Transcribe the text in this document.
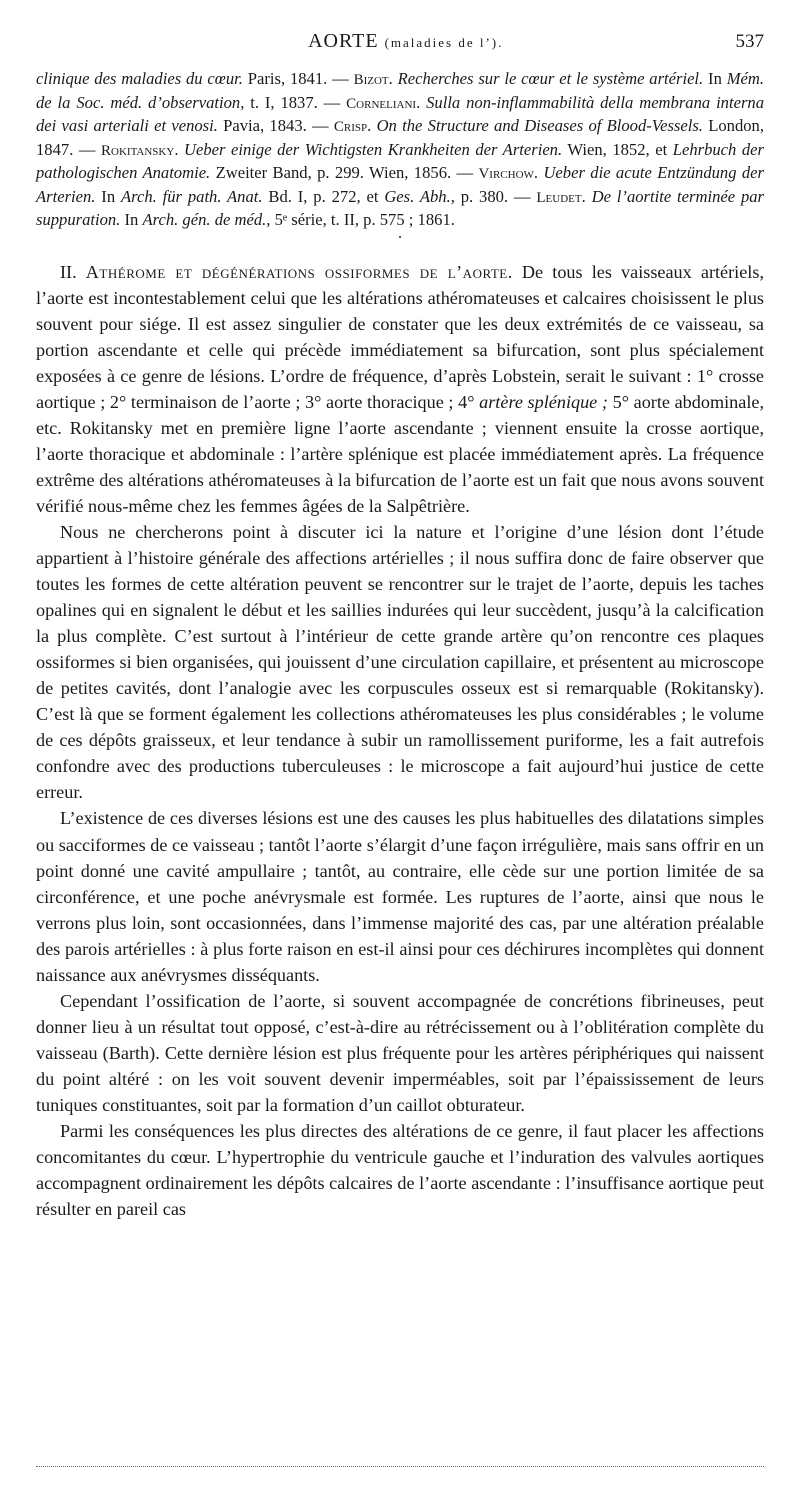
AORTE (maladies de l’).	537

clinique des maladies du cœur. Paris, 1841. — Bizot. Recherches sur le cœur et le système artériel. In Mém. de la Soc. méd. d’observation, t. I, 1837. — Corneliani. Sulla non-inflammabilità della membrana interna dei vasi arteriali et venosi. Pavia, 1843. — Crisp. On the Structure and Diseases of Blood-Vessels. London, 1847. — Rokitansky. Ueber einige der Wichtigsten Krankheiten der Arterien. Wien, 1852, et Lehrbuch der pathologischen Anatomie. Zweiter Band, p. 299. Wien, 1856. — Virchow. Ueber die acute Entzündung der Arterien. In Arch. für path. Anat. Bd. I, p. 272, et Ges. Abh., p. 380. — Leudet. De l’aortite terminée par suppuration. In Arch. gén. de méd., 5ᵉ série, t. II, p. 575 ; 1861.

•

II. Athérome et dégénérations ossiformes de l’aorte. De tous les vaisseaux artériels, l’aorte est incontestablement celui que les altérations athéromateuses et calcaires choisissent le plus souvent pour siége. Il est assez singulier de constater que les deux extrémités de ce vaisseau, sa portion ascendante et celle qui précède immédiatement sa bifurcation, sont plus spécialement exposées à ce genre de lésions. L’ordre de fréquence, d’après Lobstein, serait le suivant : 1° crosse aortique ; 2° terminaison de l’aorte ; 3° aorte thoracique ; 4° artère splénique ; 5° aorte abdominale, etc. Rokitansky met en première ligne l’aorte ascendante ; viennent ensuite la crosse aortique, l’aorte thoracique et abdominale : l’artère splénique est placée immédiatement après. La fréquence extrême des altérations athéromateuses à la bifurcation de l’aorte est un fait que nous avons souvent vérifié nous-même chez les femmes âgées de la Salpêtrière.

Nous ne chercherons point à discuter ici la nature et l’origine d’une lésion dont l’étude appartient à l’histoire générale des affections artérielles ; il nous suffira donc de faire observer que toutes les formes de cette altération peuvent se rencontrer sur le trajet de l’aorte, depuis les taches opalines qui en signalent le début et les saillies indurées qui leur succèdent, jusqu’à la calcification la plus complète. C’est surtout à l’intérieur de cette grande artère qu’on rencontre ces plaques ossiformes si bien organisées, qui jouissent d’une circulation capillaire, et présentent au microscope de petites cavités, dont l’analogie avec les corpuscules osseux est si remarquable (Rokitansky). C’est là que se forment également les collections athéromateuses les plus considérables ; le volume de ces dépôts graisseux, et leur tendance à subir un ramollissement puriforme, les a fait autrefois confondre avec des productions tuberculeuses : le microscope a fait aujourd’hui justice de cette erreur.

L’existence de ces diverses lésions est une des causes les plus habituelles des dilatations simples ou sacciformes de ce vaisseau ; tantôt l’aorte s’élargit d’une façon irrégulière, mais sans offrir en un point donné une cavité ampullaire ; tantôt, au contraire, elle cède sur une portion limitée de sa circonférence, et une poche anévrysmale est formée. Les ruptures de l’aorte, ainsi que nous le verrons plus loin, sont occasionnées, dans l’immense majorité des cas, par une altération préalable des parois artérielles : à plus forte raison en est-il ainsi pour ces déchirures incomplètes qui donnent naissance aux anévrysmes disséquants.

Cependant l’ossification de l’aorte, si souvent accompagnée de concrétions fibrineuses, peut donner lieu à un résultat tout opposé, c’est-à-dire au rétrécissement ou à l’oblitération complète du vaisseau (Barth). Cette dernière lésion est plus fréquente pour les artères périphériques qui naissent du point altéré : on les voit souvent devenir imperméables, soit par l’épaississement de leurs tuniques constituantes, soit par la formation d’un caillot obturateur.

Parmi les conséquences les plus directes des altérations de ce genre, il faut placer les affections concomitantes du cœur. L’hypertrophie du ventricule gauche et l’induration des valvules aortiques accompagnent ordinairement les dépôts calcaires de l’aorte ascendante : l’insuffisance aortique peut résulter en pareil cas
